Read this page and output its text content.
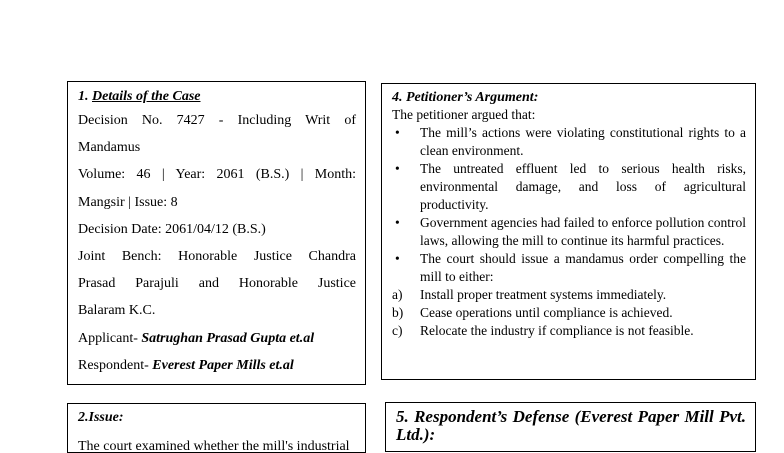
1. Details of the Case

Decision No. 7427 - Including Writ of

Mandamus

Volume: 46 | Year: 2061 (B.S.) | Month:

Mangsir | Issue: 8

Decision Date: 2061/04/12 (B.S.)

Joint Bench: Honorable Justice Chandra

Prasad Parajuli and Honorable Justice

Balaram K.C.

Applicant- Satrughan Prasad Gupta et.al

Respondent- Everest Paper Mills et.al

4. Petitioner’s Argument:
The petitioner argued that:
• The mill’s actions were violating constitutional rights to a clean environment.
• The untreated effluent led to serious health risks, environmental damage, and loss of agricultural productivity.
• Government agencies had failed to enforce pollution control laws, allowing the mill to continue its harmful practices.
• The court should issue a mandamus order compelling the mill to either:
a) Install proper treatment systems immediately.
b) Cease operations until compliance is achieved.
c) Relocate the industry if compliance is not feasible.
2.Issue:
The court examined whether the mill's industrial
5. Respondent’s Defense (Everest Paper Mill Pvt. Ltd.):
